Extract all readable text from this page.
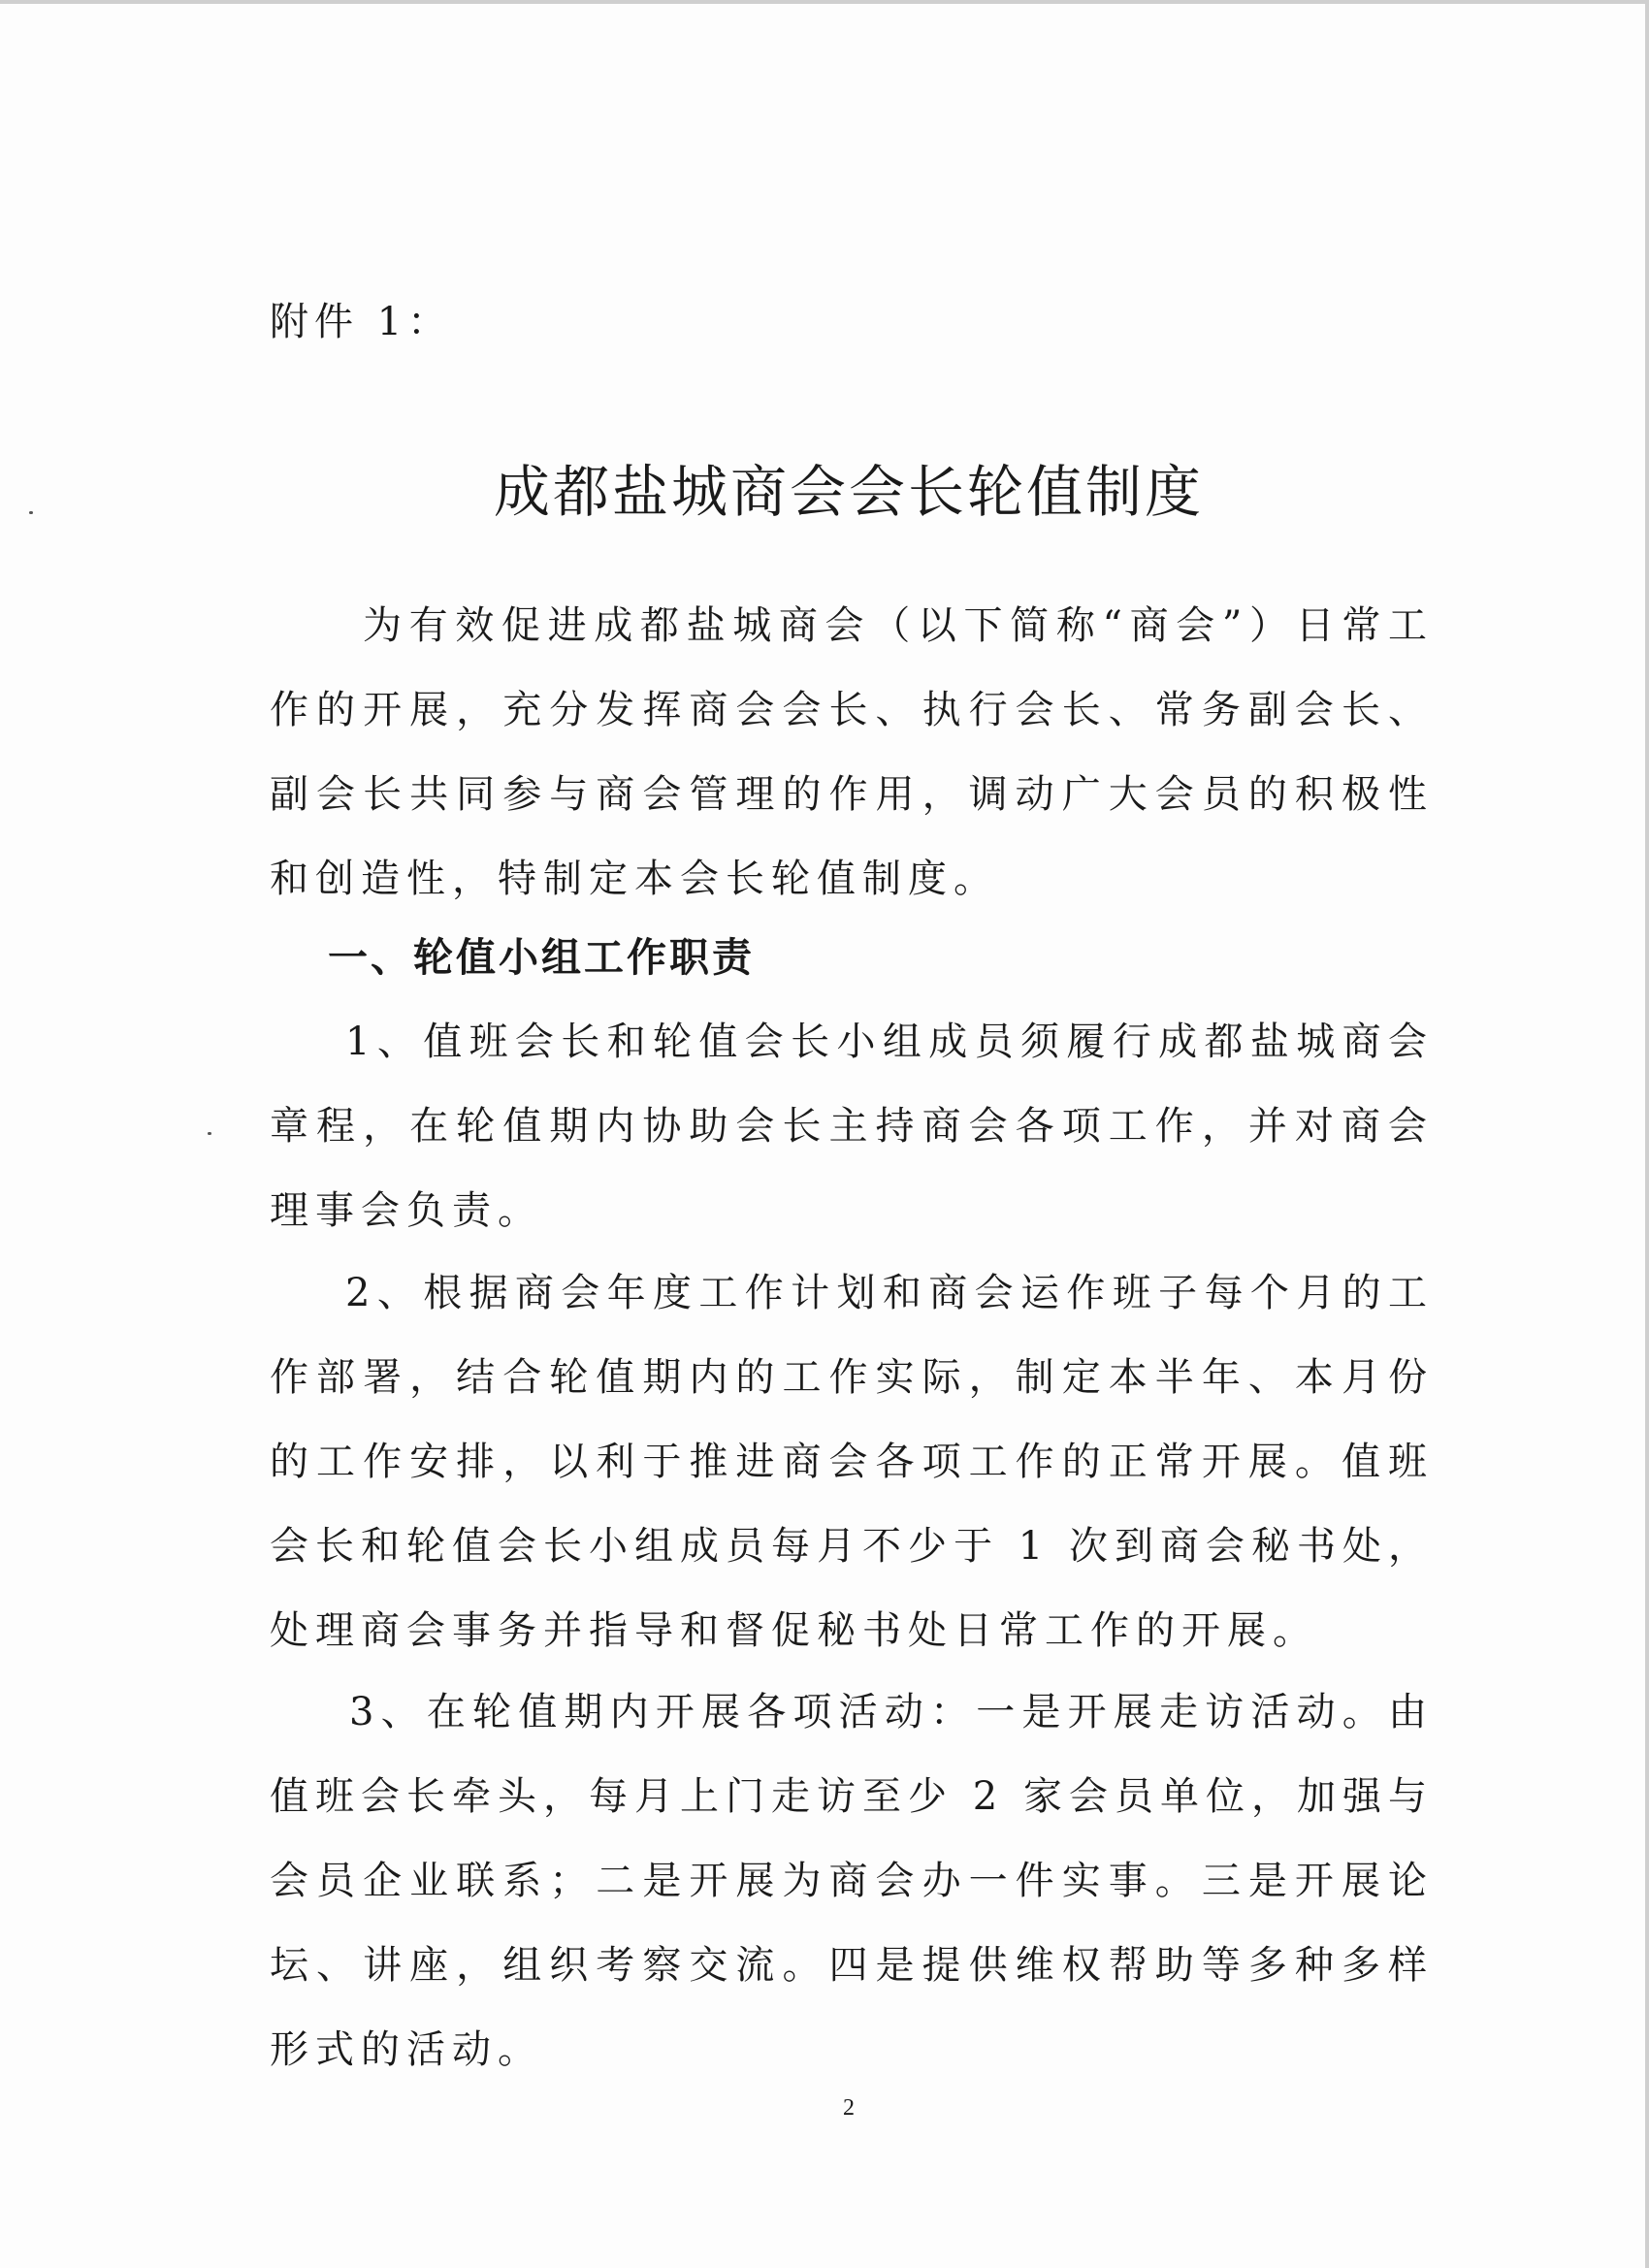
附件 1：
成都盐城商会会长轮值制度

为有效促进成都盐城商会（以下简称“商会”）日常工作的开展，充分发挥商会会长、执行会长、常务副会长、副会长共同参与商会管理的作用，调动广大会员的积极性和创造性，特制定本会长轮值制度。

一、轮值小组工作职责

1、值班会长和轮值会长小组成员须履行成都盐城商会章程，在轮值期内协助会长主持商会各项工作，并对商会理事会负责。

2、根据商会年度工作计划和商会运作班子每个月的工作部署，结合轮值期内的工作实际，制定本半年、本月份的工作安排，以利于推进商会各项工作的正常开展。值班会长和轮值会长小组成员每月不少于 1 次到商会秘书处，处理商会事务并指导和督促秘书处日常工作的开展。

3、在轮值期内开展各项活动：一是开展走访活动。由值班会长牵头，每月上门走访至少 2 家会员单位，加强与会员企业联系；二是开展为商会办一件实事。三是开展论坛、讲座，组织考察交流。四是提供维权帮助等多种多样形式的活动。

2
